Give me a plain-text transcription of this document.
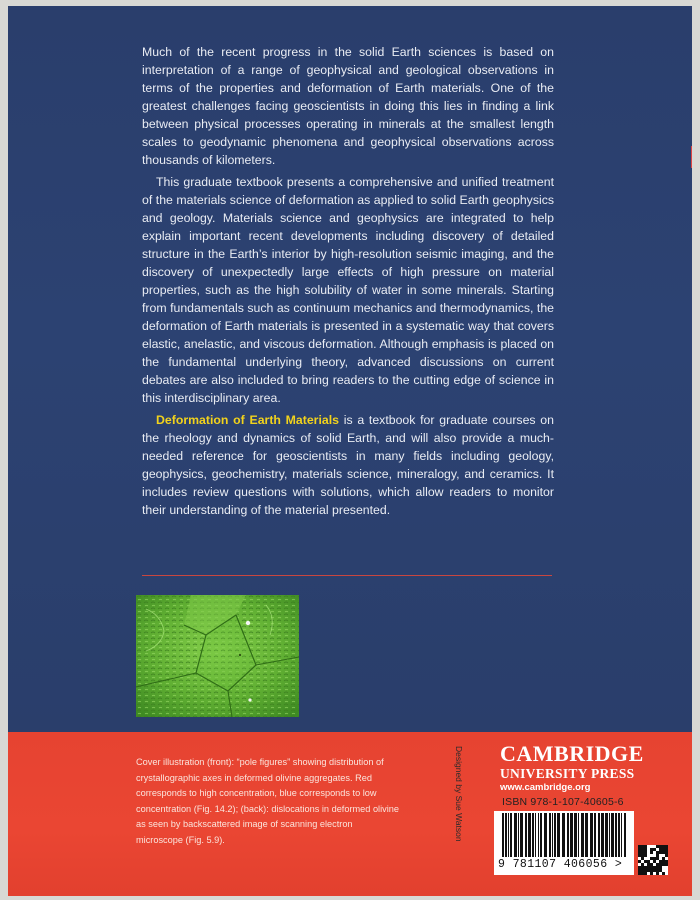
Much of the recent progress in the solid Earth sciences is based on interpretation of a range of geophysical and geological observations in terms of the properties and deformation of Earth materials. One of the greatest challenges facing geoscientists in doing this lies in finding a link between physical processes operating in minerals at the smallest length scales to geodynamic phenomena and geophysical observations across thousands of kilometers.

This graduate textbook presents a comprehensive and unified treatment of the materials science of deformation as applied to solid Earth geophysics and geology. Materials science and geophysics are integrated to help explain important recent developments including discovery of detailed structure in the Earth’s interior by high-resolution seismic imaging, and the discovery of unexpectedly large effects of high pressure on material properties, such as the high solubility of water in some minerals. Starting from fundamentals such as continuum mechanics and thermodynamics, the deformation of Earth materials is presented in a systematic way that covers elastic, anelastic, and viscous deformation. Although emphasis is placed on the fundamental underlying theory, advanced discussions on current debates are also included to bring readers to the cutting edge of science in this interdisciplinary area.

Deformation of Earth Materials is a textbook for graduate courses on the rheology and dynamics of solid Earth, and will also provide a much-needed reference for geoscientists in many fields including geology, geophysics, geochemistry, materials science, mineralogy, and ceramics. It includes review questions with solutions, which allow readers to monitor their understanding of the material presented.

Cover illustration (front): “pole figures” showing distribution of crystallographic axes in deformed olivine aggregates. Red corresponds to high concentration, blue corresponds to low concentration (Fig. 14.2); (back): dislocations in deformed olivine as seen by backscattered image of scanning electron microscope (Fig. 5.9).	Designed by Sue Watson CAMBRIDGE
UNIVERSITY PRESS
www.cambridge.org
ISBN 978-1-107-40605-6
9 781107 406056 >
